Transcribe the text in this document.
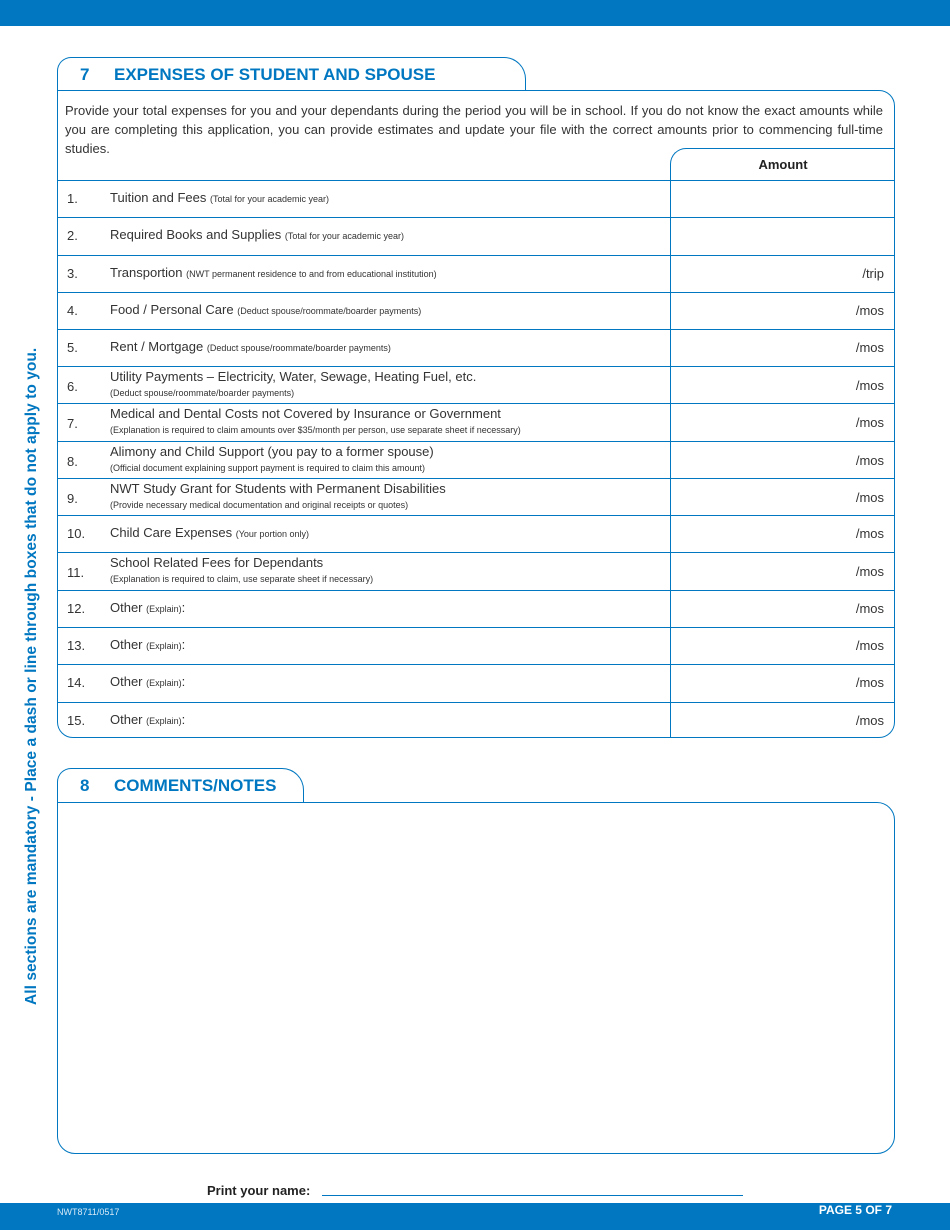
All sections are mandatory - Place a dash or line through boxes that do not apply to you.
7 EXPENSES OF STUDENT AND SPOUSE

Provide your total expenses for you and your dependants during the period you will be in school. If you do not know the exact amounts while you are completing this application, you can provide estimates and update your file with the correct amounts prior to commencing full-time studies.

Amount
1. Tuition and Fees (Total for your academic year)
2. Required Books and Supplies (Total for your academic year)
3. Transportion (NWT permanent residence to and from educational institution)	/trip
4. Food / Personal Care (Deduct spouse/roommate/boarder payments)	/mos
5. Rent / Mortgage (Deduct spouse/roommate/boarder payments)	/mos
6.
Utility Payments – Electricity, Water, Sewage, Heating Fuel, etc.
(Deduct spouse/roommate/boarder payments)	/mos
7.
Medical and Dental Costs not Covered by Insurance or Government
(Explanation is required to claim amounts over $35/month per person, use separate sheet if necessary)	/mos
8.
Alimony and Child Support (you pay to a former spouse)
(Official document explaining support payment is required to claim this amount)	/mos
9.
NWT Study Grant for Students with Permanent Disabilities
(Provide necessary medical documentation and original receipts or quotes)	/mos
10. Child Care Expenses (Your portion only)	/mos
11.
School Related Fees for Dependants
(Explanation is required to claim, use separate sheet if necessary)	/mos
12. Other (Explain):	/mos
13. Other (Explain):	/mos
14. Other (Explain):	/mos
15. Other (Explain):	/mos
8 COMMENTS/NOTES
Print your name:
NWT8711/0517	PAGE 5 OF 7
